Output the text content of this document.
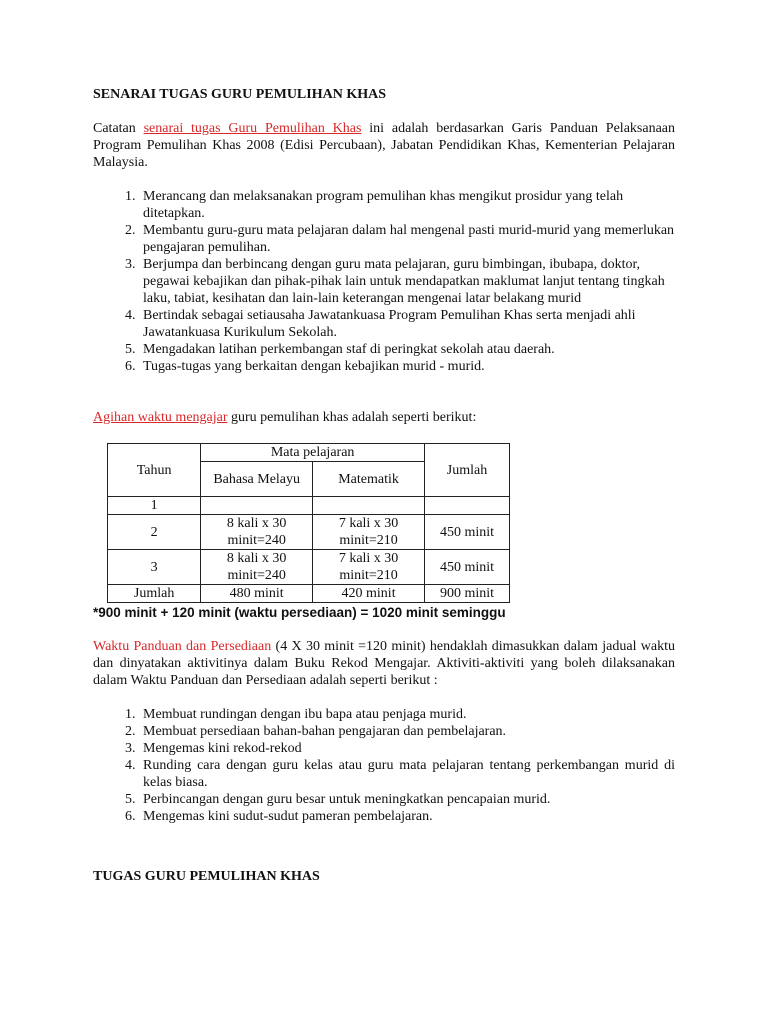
SENARAI TUGAS GURU PEMULIHAN KHAS

Catatan senarai tugas Guru Pemulihan Khas ini adalah berdasarkan Garis Panduan Pelaksanaan Program Pemulihan Khas 2008 (Edisi Percubaan), Jabatan Pendidikan Khas, Kementerian Pelajaran Malaysia.

1. Merancang dan melaksanakan program pemulihan khas mengikut prosidur yang telah ditetapkan.
2. Membantu guru-guru mata pelajaran dalam hal mengenal pasti murid-murid yang memerlukan pengajaran pemulihan.
3. Berjumpa dan berbincang dengan guru mata pelajaran, guru bimbingan, ibubapa, doktor, pegawai kebajikan dan pihak-pihak lain untuk mendapatkan maklumat lanjut tentang tingkah laku, tabiat, kesihatan dan lain-lain keterangan mengenai latar belakang murid
4. Bertindak sebagai setiausaha Jawatankuasa Program Pemulihan Khas serta menjadi ahli Jawatankuasa Kurikulum Sekolah.
5. Mengadakan latihan perkembangan staf di peringkat sekolah atau daerah.
6. Tugas-tugas yang berkaitan dengan kebajikan murid - murid.

Agihan waktu mengajar guru pemulihan khas adalah seperti berikut:

Tahun	Mata pelajaran		Jumlah
	Bahasa Melayu	Matematik	
1			
2	8 kali x 30 minit=240	7 kali x 30 minit=210	450 minit
3	8 kali x 30 minit=240	7 kali x 30 minit=210	450 minit
Jumlah	480 minit	420 minit	900 minit

*900 minit + 120 minit (waktu persediaan) = 1020 minit seminggu

Waktu Panduan dan Persediaan (4 X 30 minit =120 minit) hendaklah dimasukkan dalam jadual waktu dan dinyatakan aktivitinya dalam Buku Rekod Mengajar. Aktiviti-aktiviti yang boleh dilaksanakan dalam Waktu Panduan dan Persediaan adalah seperti berikut :

1. Membuat rundingan dengan ibu bapa atau penjaga murid.
2. Membuat persediaan bahan-bahan pengajaran dan pembelajaran.
3. Mengemas kini rekod-rekod
4. Runding cara dengan guru kelas atau guru mata pelajaran tentang perkembangan murid di kelas biasa.
5. Perbincangan dengan guru besar untuk meningkatkan pencapaian murid.
6. Mengemas kini sudut-sudut pameran pembelajaran.

TUGAS GURU PEMULIHAN KHAS
